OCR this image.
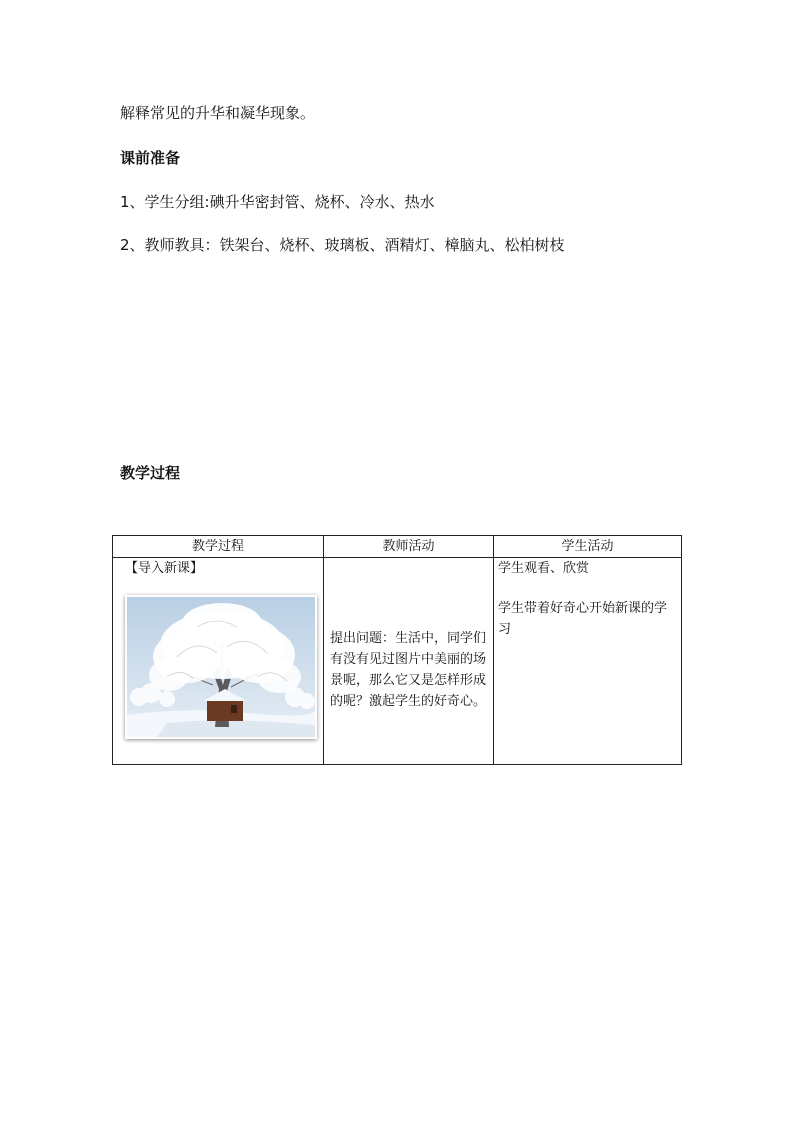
解释常见的升华和凝华现象。
课前准备
1、学生分组:碘升华密封管、烧杯、冷水、热水
2、教师教具：铁架台、烧杯、玻璃板、酒精灯、樟脑丸、松柏树枝
教学过程
教学过程	教师活动	学生活动

【导入新课】	提出问题：生活中，同学们有没有见过图片中美丽的场景呢，那么它又是怎样形成的呢？激起学生的好奇心。	学生观看、欣赏

学生带着好奇心开始新课的学习
